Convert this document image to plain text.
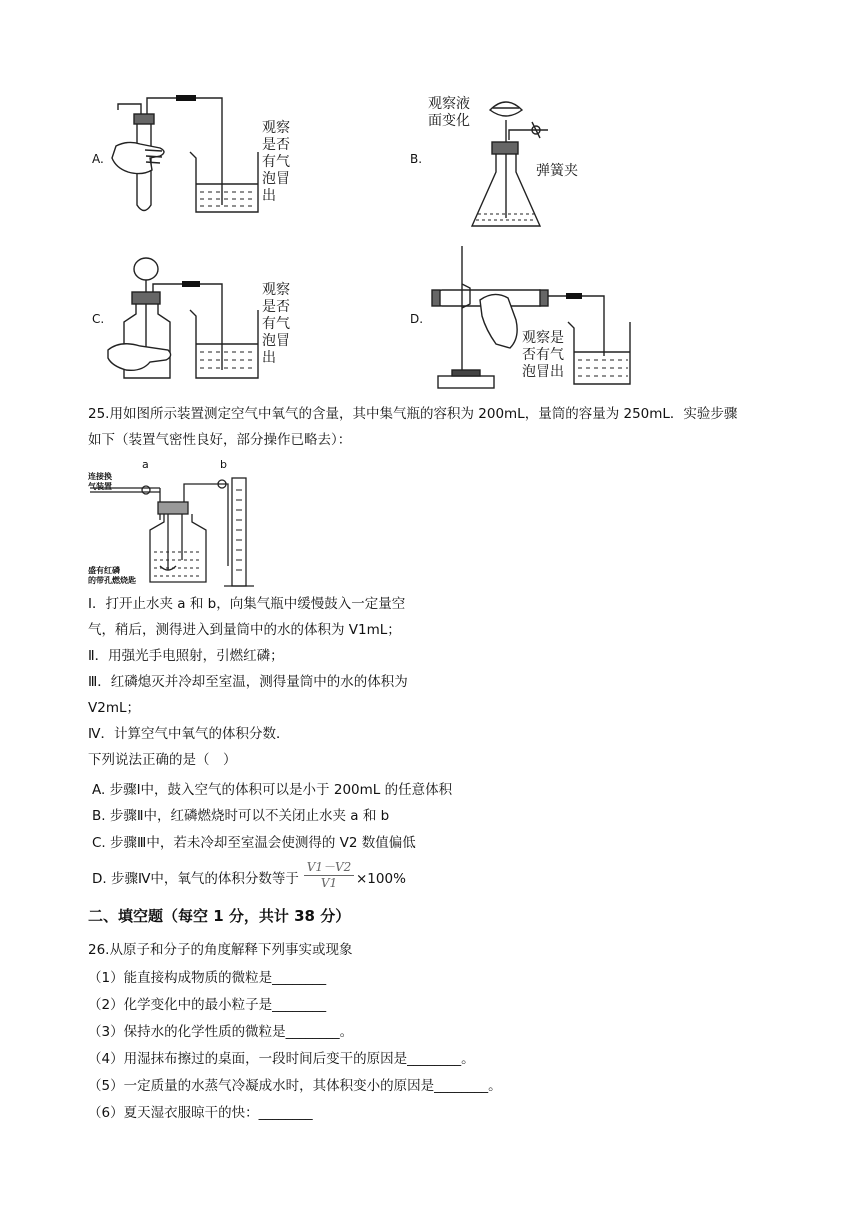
A.
观察
是否
有气
泡冒
出
B.
观察液
面变化
弹簧夹
C.
观察
是否
有气
泡冒
出
D.
观察是
否有气
泡冒出
25.用如图所示装置测定空气中氧气的含量，其中集气瓶的容积为 200mL，量筒的容量为 250mL．实验步骤
如下（装置气密性良好，部分操作已略去）：
a	b
连接换
气装置
盛有红磷
的带孔燃烧匙
Ⅰ．打开止水夹 a 和 b，向集气瓶中缓慢鼓入一定量空
气，稍后，测得进入到量筒中的水的体积为 V1mL；
Ⅱ．用强光手电照射，引燃红磷；
Ⅲ．红磷熄灭并冷却至室温，测得量筒中的水的体积为
V2mL；
Ⅳ．计算空气中氧气的体积分数．
下列说法正确的是（　）
A. 步骤Ⅰ中，鼓入空气的体积可以是小于 200mL 的任意体积
B. 步骤Ⅱ中，红磷燃烧时可以不关闭止水夹 a 和 b
C. 步骤Ⅲ中，若未冷却至室温会使测得的 V2 数值偏低
D. 步骤Ⅳ中，氧气的体积分数等于 $\frac{V1-V2}{V1} \times 100\%$
二、填空题（每空 1 分，共计 38 分）
26.从原子和分子的角度解释下列事实或现象
（1）能直接构成物质的微粒是________
（2）化学变化中的最小粒子是________
（3）保持水的化学性质的微粒是________。
（4）用湿抹布擦过的桌面，一段时间后变干的原因是________。
（5）一定质量的水蒸气冷凝成水时，其体积变小的原因是________。
（6）夏天湿衣服晾干的快：________
